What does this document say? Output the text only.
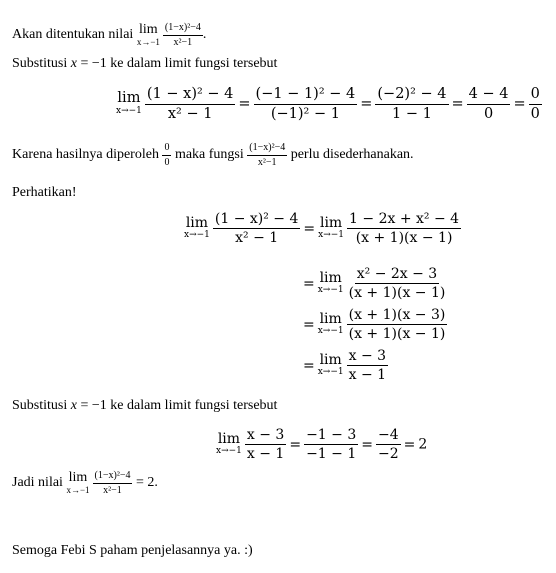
Akan ditentukan nilai lim
$x\to-1 \frac{\text{(1−x)²−4}}{\text{x²−1}}$ .
Substitusi x = −1 ke dalam limit fungsi tersebut
lim
$x\to-1 \frac{\text{(1 − x)² − 4}}{\text{x² − 1}} = \frac{\text{(−1 − 1)² − 4}}{\text{(−1)² − 1}} = \frac{\text{(−2)² − 4}}{1 - 1} = \frac{4 - 4}{0} = \frac{0}{0}$
Karena hasilnya diperoleh $\frac{0}{0}$ maka fungsi $\frac{\text{(1−x)²−4}}{\text{x²−1}}$ perlu disederhanakan.
Perhatikan!
lim
$x\to-1 \frac{\text{(1 − x)² − 4}}{\text{x² − 1}} = \lim$
$x\to-1 \frac{\text{1 − 2x + x² − 4}}{(x + 1)(x - 1)}$
= lim
$x\to-1 \frac{\text{x² − 2x − 3}}{(x + 1)(x - 1)}$
= lim
$x\to-1 \frac{(x + 1)(x - 3)}{(x + 1)(x - 1)}$
= lim
$x\to-1 \frac{x - 3}{x - 1}$
Substitusi x = −1 ke dalam limit fungsi tersebut
lim
$x\to-1 \frac{x - 3}{x - 1} = \frac{-1 - 3}{-1 - 1} = \frac{-4}{-2} = 2$
Jadi nilai lim
$x\to-1 \frac{\text{(1−x)²−4}}{\text{x²−1}} = 2$.
Semoga Febi S paham penjelasannya ya. :)
